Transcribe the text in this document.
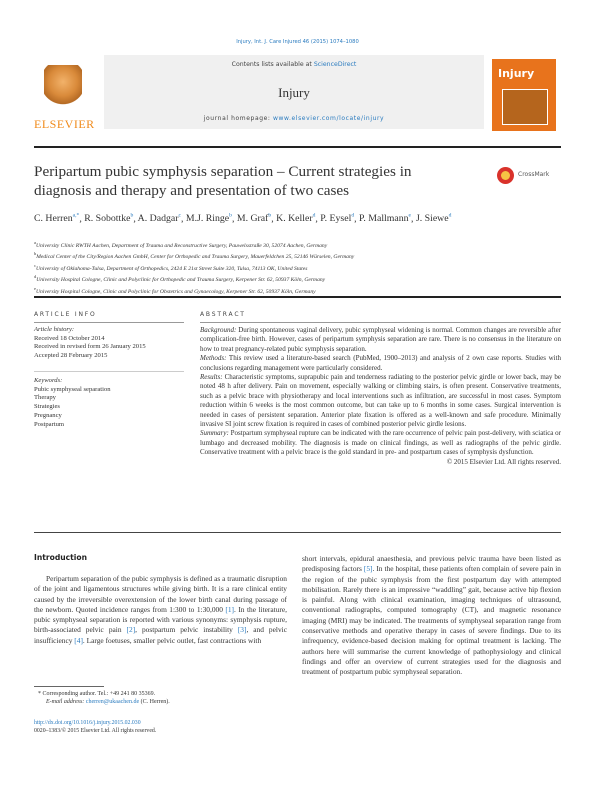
Injury, Int. J. Care Injured 46 (2015) 1074–1080
ELSEVIER
Contents lists available at ScienceDirect
Injury
journal homepage: www.elsevier.com/locate/injury
Injury
Peripartum pubic symphysis separation – Current strategies in diagnosis and therapy and presentation of two cases
CrossMark
C. Herren$^{a,*}$, R. Sobottke$^b$, A. Dadgar$^c$, M.J. Ringe$^b$, M. Graf$^b$, K. Keller$^d$, P. Eysel$^d$, P. Mallmann$^e$, J. Siewe$^d$
$^a$University Clinic RWTH Aachen, Department of Trauma and Reconstructive Surgery, Pauwelsstraße 30, 52074 Aachen, Germany
$^b$Medical Center of the City/Region Aachen GmbH, Center for Orthopedic and Trauma Surgery, Mauerfeldchen 25, 52146 Würselen, Germany
$^c$University of Oklahoma-Tulsa, Department of Orthopedics, 2424 E 21st Street Suite 320, Tulsa, 74113 OK, United States
$^d$University Hospital Cologne, Clinic and Polyclinic for Orthopedic and Trauma Surgery, Kerpener Str. 62, 50937 Köln, Germany
$^e$University Hospital Cologne, Clinic and Polyclinic for Obstetrics and Gynaecology, Kerpener Str. 62, 50937 Köln, Germany
ARTICLE INFO	ABSTRACT
Article history:
Received 18 October 2014
Received in revised form 26 January 2015
Accepted 28 February 2015
Keywords:
Pubic symphyseal separation
Therapy
Strategies
Pregnancy
Postpartum

Background: During spontaneous vaginal delivery, pubic symphyseal widening is normal. Common changes are reversible after complication-free birth. However, cases of peripartum symphysis separation are rare. There is no consensus in the literature on how to treat pregnancy-related pubic symphysis separation.

Methods: This review used a literature-based search (PubMed, 1900–2013) and analysis of 2 own case reports. Studies with conclusions regarding management were particularly considered.

Results: Characteristic symptoms, suprapubic pain and tenderness radiating to the posterior pelvic girdle or lower back, may be noted 48 h after delivery. Pain on movement, especially walking or climbing stairs, is often present. Conservative treatments, such as a pelvic brace with physiotherapy and local interventions such as infiltration, are successful in most cases. Symptom reduction within 6 weeks is the most common outcome, but can take up to 6 months in some cases. Surgical intervention is needed in cases of persistent separation. Anterior plate fixation is offered as a well-known and safe procedure. Minimally invasive SI joint screw fixation is required in cases of combined posterior pelvic girdle lesions.

Summary: Postpartum symphyseal rupture can be indicated with the rare occurrence of pelvic pain post-delivery, with sciatica or lumbago and decreased mobility. The diagnosis is made on clinical findings, as well as radiographs of the pelvic girdle. Conservative treatment with a pelvic brace is the gold standard in pre- and postpartum cases of symphysis dysfunction.

© 2015 Elsevier Ltd. All rights reserved.

Introduction
Peripartum separation of the pubic symphysis is defined as a traumatic disruption of the joint and ligamentous structures while giving birth. It is a rare clinical entity caused by the irreversible overextension of the lower birth canal during passage of the newborn. Quoted incidence ranges from 1:300 to 1:30,000 [1]. In the literature, pubic symphyseal separation is reported with various synonyms: symphysis rupture, birth-associated pelvic pain [2], postpartum pelvic instability [3], and pelvic insufficiency [4]. Large foetuses, smaller pelvic outlet, fast contractions with
short intervals, epidural anaesthesia, and previous pelvic trauma have been listed as predisposing factors [5]. In the hospital, these patients often complain of severe pain in the region of the pubic symphysis from the first postpartum day with attempted mobilisation. Rarely there is an impressive “waddling” gait, because active hip flexion is painful. Along with clinical examination, imaging techniques of ultrasound, conventional radiographs, computed tomography (CT), and magnetic resonance imaging (MRI) may be indicated. The treatments of symphyseal separation range from conservative methods and operative therapy in cases of severe findings. Due to its infrequency, evidence-based decision making for optimal treatment is lacking. The authors here will summarise the current knowledge of pathophysiology and clinical findings and offer an overview of current strategies used for the diagnosis and treatment of postpartum pubic symphyseal separation.
* Corresponding author. Tel.: +49 241 80 35369.
E-mail address: cherren@ukaachen.de (C. Herren).
http://dx.doi.org/10.1016/j.injury.2015.02.030
0020–1383/© 2015 Elsevier Ltd. All rights reserved.
